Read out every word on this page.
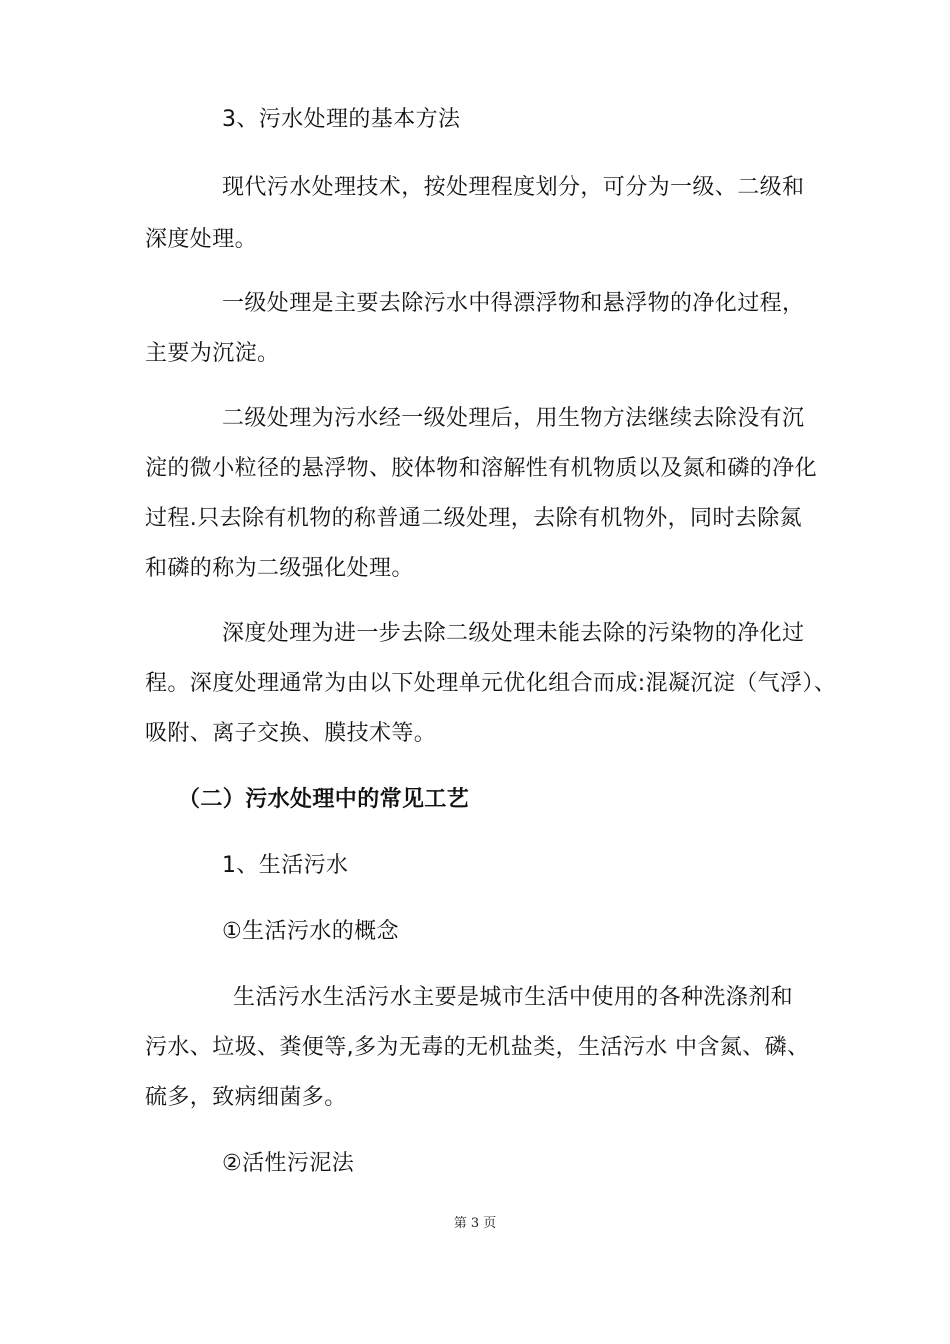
3、污水处理的基本方法
现代污水处理技术，按处理程度划分，可分为一级、二级和
深度处理。
一级处理是主要去除污水中得漂浮物和悬浮物的净化过程，
主要为沉淀。
二级处理为污水经一级处理后，用生物方法继续去除没有沉
淀的微小粒径的悬浮物、胶体物和溶解性有机物质以及氮和磷的净化
过程.只去除有机物的称普通二级处理，去除有机物外，同时去除氮
和磷的称为二级强化处理。
深度处理为进一步去除二级处理未能去除的污染物的净化过
程。深度处理通常为由以下处理单元优化组合而成:混凝沉淀（气浮）、
吸附、离子交换、膜技术等。
（二）污水处理中的常见工艺
1、生活污水
①生活污水的概念
生活污水生活污水主要是城市生活中使用的各种洗涤剂和
污水、垃圾、粪便等,多为无毒的无机盐类，生活污水 中含氮、磷、
硫多，致病细菌多。
②活性污泥法
第 3 页
